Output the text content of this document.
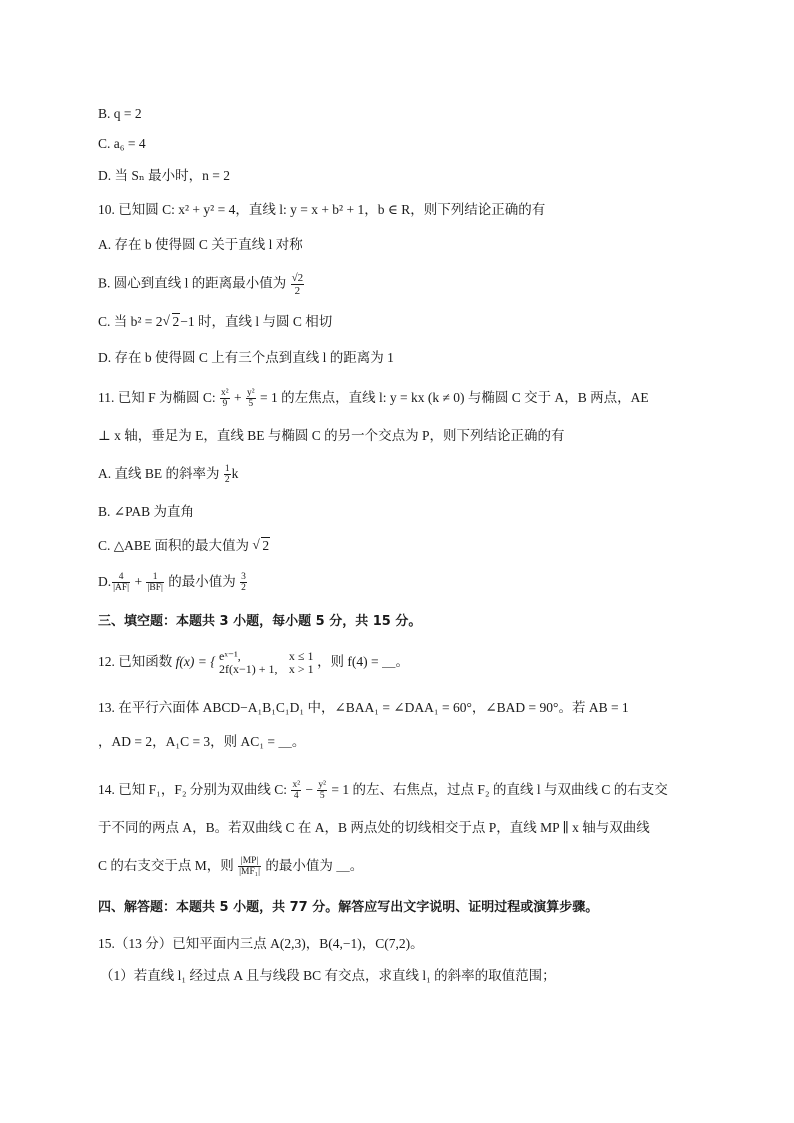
B. q = 2
C. a₆ = 4
D. 当 Sₙ 最小时，n = 2
10. 已知圆 C: x² + y² = 4，直线 l: y = x + b² + 1，b ∈ R，则下列结论正确的有
A. 存在 b 使得圆 C 关于直线 l 对称
B. 圆心到直线 l 的距离最小值为 $\frac{√2}{2}$
C. 当 b² = 2 √ 2−1 时，直线 l 与圆 C 相切
D. 存在 b 使得圆 C 上有三个点到直线 l 的距离为 1
11. 已知 F 为椭圆 C: $\frac{\text{x²}}{9} + \frac{\text{y²}}{5} = 1$ 的左焦点，直线 l: y = kx (k ≠ 0) 与椭圆 C 交于 A，B 两点，AE
⊥ x 轴，垂足为 E，直线 BE 与椭圆 C 的另一个交点为 P，则下列结论正确的有
A. 直线 BE 的斜率为 $\frac{1}{2}$ k
B. ∠PAB 为直角
C. △ABE 面积的最大值为 √ 2
D. $\frac{4}{|AF|} + \frac{1}{|BF|}$ 的最小值为 $\frac{3}{2}$
三、填空题：本题共 3 小题，每小题 5 分，共 15 分。
12. 已知函数 f(x) = { eˣ⁻¹,
2f(x−1) + 1,

x ≤ 1
x > 1 ，则 f(4) = ＿。
13. 在平行六面体 ABCD−A₁B₁C₁D₁ 中，∠BAA₁ = ∠DAA₁ = 60°，∠BAD = 90°。若 AB = 1
，AD = 2，A₁C = 3，则 AC₁ = ＿。
14. 已知 F₁，F₂ 分别为双曲线 C: $\frac{\text{x²}}{4} - \frac{\text{y²}}{5} = 1$ 的左、右焦点，过点 F₂ 的直线 l 与双曲线 C 的右支交
于不同的两点 A，B。若双曲线 C 在 A，B 两点处的切线相交于点 P，直线 MP ∥ x 轴与双曲线
C 的右支交于点 M，则 $\frac{|MP|}{\text{|MF₁|}}$ 的最小值为 ＿。
四、解答题：本题共 5 小题，共 77 分。解答应写出文字说明、证明过程或演算步骤。
15.（13 分）已知平面内三点 A(2,3)，B(4,−1)，C(7,2)。
（1）若直线 l₁ 经过点 A 且与线段 BC 有交点，求直线 l₁ 的斜率的取值范围；
